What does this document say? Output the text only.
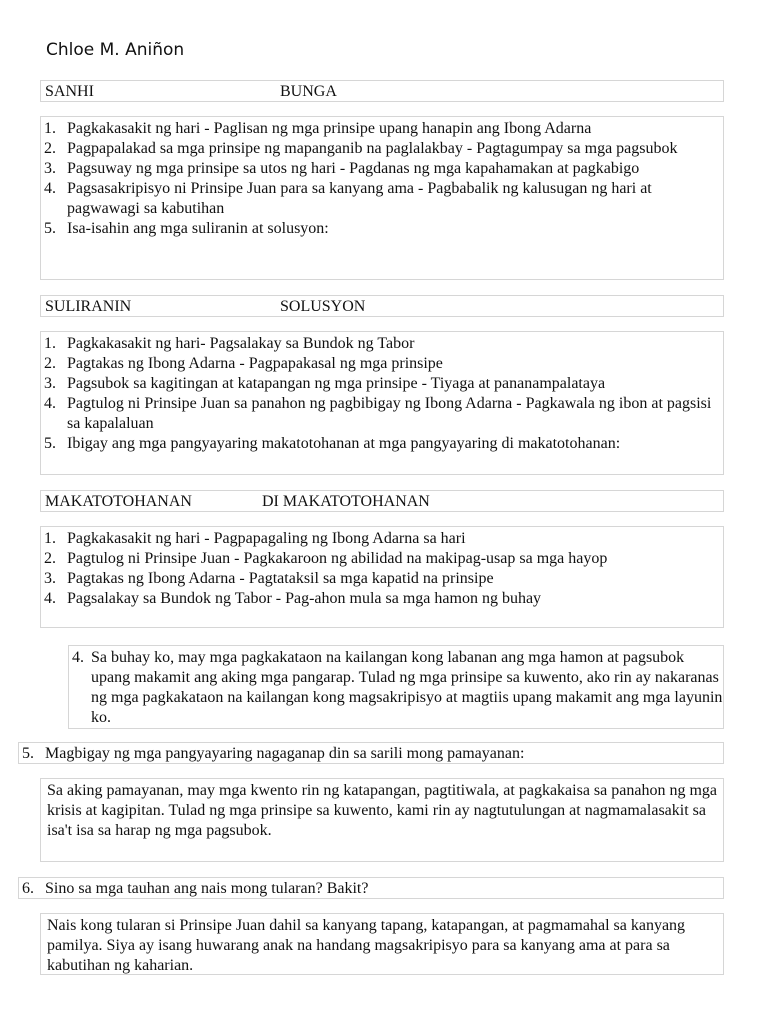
Chloe M. Aniñon
SANHI	BUNGA
1. Pagkakasakit ng hari - Paglisan ng mga prinsipe upang hanapin ang Ibong Adarna
2. Pagpapalakad sa mga prinsipe ng mapanganib na paglalakbay - Pagtagumpay sa mga pagsubok
3. Pagsuway ng mga prinsipe sa utos ng hari - Pagdanas ng mga kapahamakan at pagkabigo
4. Pagsasakripisyo ni Prinsipe Juan para sa kanyang ama - Pagbabalik ng kalusugan ng hari at pagwawagi sa kabutihan
5. Isa-isahin ang mga suliranin at solusyon:
SULIRANIN	SOLUSYON
1. Pagkakasakit ng hari- Pagsalakay sa Bundok ng Tabor
2. Pagtakas ng Ibong Adarna - Pagpapakasal ng mga prinsipe
3. Pagsubok sa kagitingan at katapangan ng mga prinsipe - Tiyaga at pananampalataya
4. Pagtulog ni Prinsipe Juan sa panahon ng pagbibigay ng Ibong Adarna - Pagkawala ng ibon at pagsisi sa kapalaluan
5. Ibigay ang mga pangyayaring makatotohanan at mga pangyayaring di makatotohanan:
MAKATOTOHANAN	DI MAKATOTOHANAN
1. Pagkakasakit ng hari - Pagpapagaling ng Ibong Adarna sa hari
2. Pagtulog ni Prinsipe Juan - Pagkakaroon ng abilidad na makipag-usap sa mga hayop
3. Pagtakas ng Ibong Adarna - Pagtataksil sa mga kapatid na prinsipe
4. Pagsalakay sa Bundok ng Tabor - Pag-ahon mula sa mga hamon ng buhay
4. Sa buhay ko, may mga pagkakataon na kailangan kong labanan ang mga hamon at pagsubok upang makamit ang aking mga pangarap. Tulad ng mga prinsipe sa kuwento, ako rin ay nakaranas ng mga pagkakataon na kailangan kong magsakripisyo at magtiis upang makamit ang mga layunin ko.
5. Magbigay ng mga pangyayaring nagaganap din sa sarili mong pamayanan:
Sa aking pamayanan, may mga kwento rin ng katapangan, pagtitiwala, at pagkakaisa sa panahon ng mga krisis at kagipitan. Tulad ng mga prinsipe sa kuwento, kami rin ay nagtutulungan at nagmamalasakit sa isa't isa sa harap ng mga pagsubok.
6. Sino sa mga tauhan ang nais mong tularan? Bakit?
Nais kong tularan si Prinsipe Juan dahil sa kanyang tapang, katapangan, at pagmamahal sa kanyang pamilya. Siya ay isang huwarang anak na handang magsakripisyo para sa kanyang ama at para sa kabutihan ng kaharian.
